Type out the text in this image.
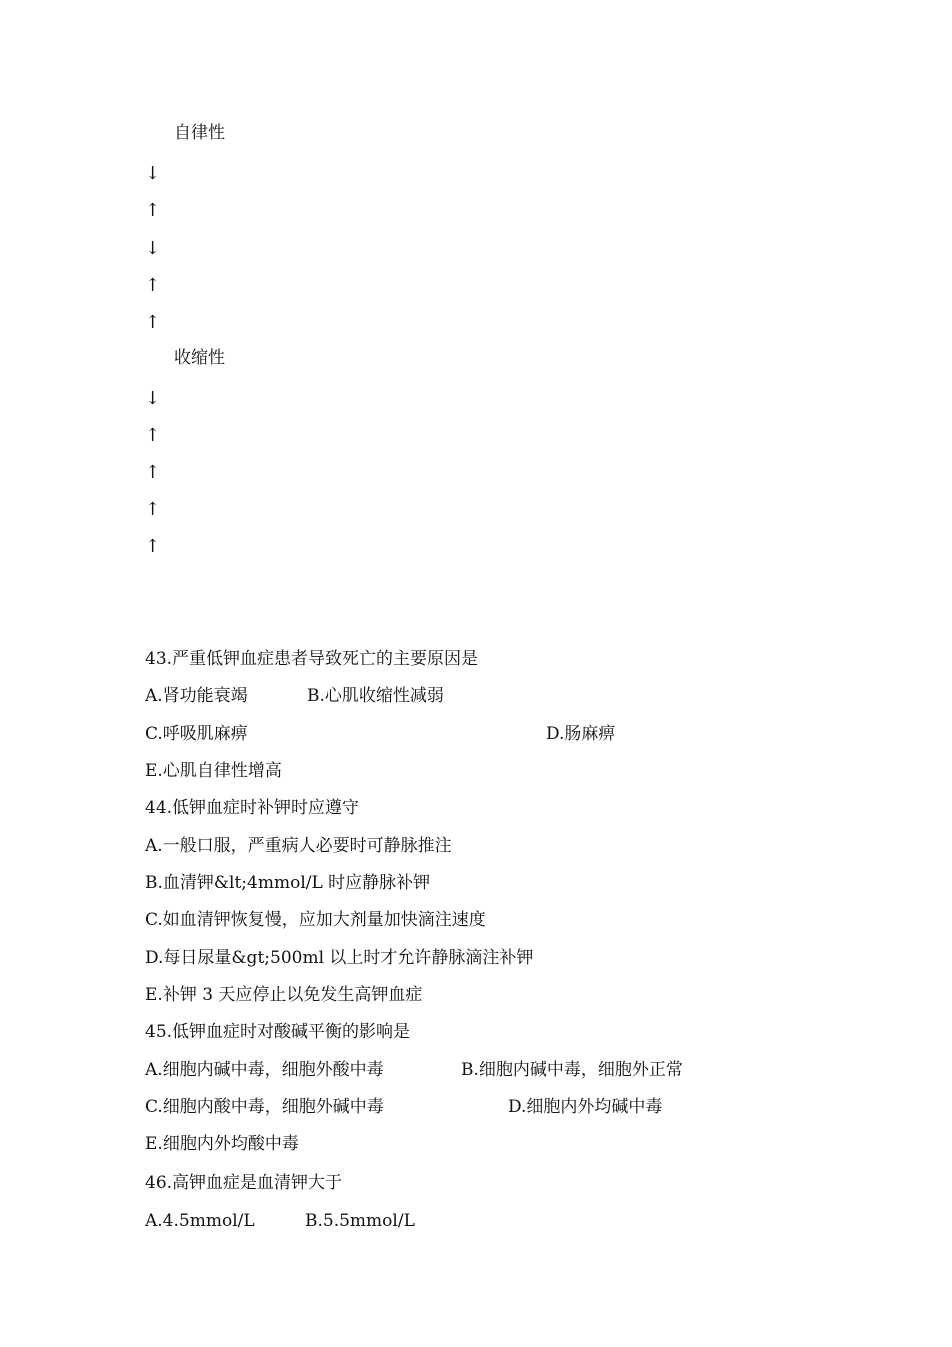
自律性
↓
↑
↓
↑
↑
收缩性
↓
↑
↑
↑
↑
43.严重低钾血症患者导致死亡的主要原因是
A.肾功能衰竭	B.心肌收缩性减弱
C.呼吸肌麻痹	D.肠麻痹
E.心肌自律性增高
44.低钾血症时补钾时应遵守
A.一般口服，严重病人必要时可静脉推注
B.血清钾&lt;4mmol/L 时应静脉补钾
C.如血清钾恢复慢，应加大剂量加快滴注速度
D.每日尿量&gt;500ml 以上时才允许静脉滴注补钾
E.补钾 3 天应停止以免发生高钾血症
45.低钾血症时对酸碱平衡的影响是
A.细胞内碱中毒，细胞外酸中毒	B.细胞内碱中毒，细胞外正常
C.细胞内酸中毒，细胞外碱中毒	D.细胞内外均碱中毒
E.细胞内外均酸中毒
46.高钾血症是血清钾大于
A.4.5mmol/L	B.5.5mmol/L
